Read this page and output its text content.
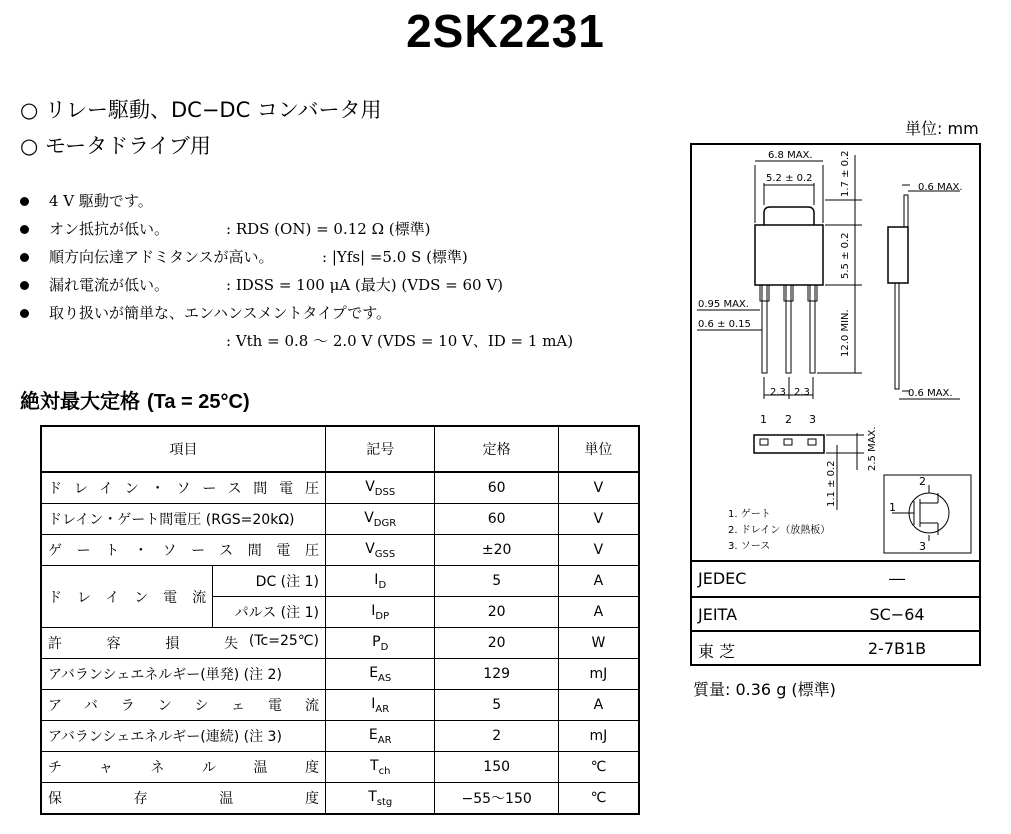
2SK2231
○ リレー駆動、DC−DC コンバータ用
○ モータドライブ用
単位: mm
4 V 駆動です。
オン抵抗が低い。	: RDS (ON) = 0.12 Ω (標準)
順方向伝達アドミタンスが高い。	: |Yfs| =5.0 S (標準)
漏れ電流が低い。	: IDSS = 100 μA (最大) (VDS = 60 V)
取り扱いが簡単な、エンハンスメントタイプです。
: Vth = 0.8 ～ 2.0 V (VDS = 10 V、ID = 1 mA)
絶対最大定格 (Ta = 25°C)
項目		記号	定格	単位
ドレイン・ソース間電圧		$V_{DSS}$	60	V
ドレイン・ゲート間電圧 (RGS=20kΩ)		$V_{DGR}$	60	V
ゲート・ソース間電圧		$V_{GSS}$	±20	V
ドレイン電流	DC (注 1)	$I_D$	5	A
	パルス (注 1)	$I_{DP}$	20	A
許容損失 (Tc=25℃)		$P_D$	20	W
アバランシェエネルギー(単発) (注 2)		$E_{AS}$	129	mJ
アバランシェ電流		$I_{AR}$	5	A
アバランシェエネルギー(連続) (注 3)		$E_{AR}$	2	mJ
チャネル温度		$T_{ch}$	150	℃
保存温度		$T_{stg}$	−55～150	℃
6.8 MAX.
5.2 ± 0.2	1.7 ± 0.2	0.6 MAX.
5.5 ± 0.2
0.95 MAX.
0.6 ± 0.15	12.0 MIN.
2.3 2.3	0.6 MAX.
2.5 MAX.
1.1 ± 0.2
1 2 3
1. ゲート
2. ドレイン（放熱板）
3. ソース
2
1
3
JEDEC	―
JEITA	SC−64
東 芝	2-7B1B
質量: 0.36 g (標準)
